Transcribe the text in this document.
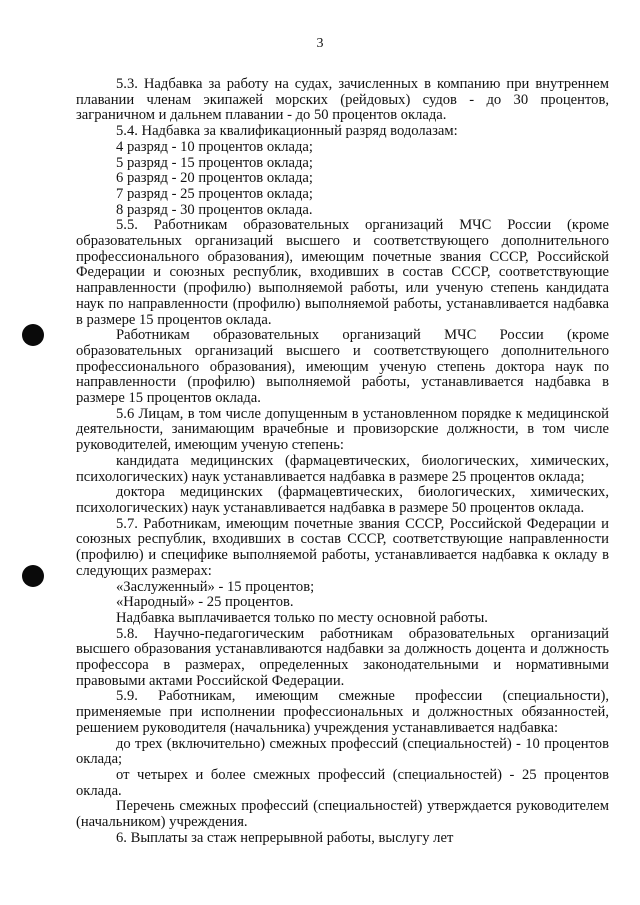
3

5.3. Надбавка за работу на судах, зачисленных в компанию при внутреннем плавании членам экипажей морских (рейдовых) судов - до 30 процентов, заграничном и дальнем плавании - до 50 процентов оклада.

5.4. Надбавка за квалификационный разряд водолазам:

4 разряд - 10 процентов оклада;

5 разряд - 15 процентов оклада;

6 разряд - 20 процентов оклада;

7 разряд - 25 процентов оклада;

8 разряд - 30 процентов оклада.

5.5. Работникам образовательных организаций МЧС России (кроме образовательных организаций высшего и соответствующего дополнительного профессионального образования), имеющим почетные звания СССР, Российской Федерации и союзных республик, входивших в состав СССР, соответствующие направленности (профилю) выполняемой работы, или ученую степень кандидата наук по направленности (профилю) выполняемой работы, устанавливается надбавка в размере 15 процентов оклада.

Работникам образовательных организаций МЧС России (кроме образовательных организаций высшего и соответствующего дополнительного профессионального образования), имеющим ученую степень доктора наук по направленности (профилю) выполняемой работы, устанавливается надбавка в размере 15 процентов оклада.

5.6 Лицам, в том числе допущенным в установленном порядке к медицинской деятельности, занимающим врачебные и провизорские должности, в том числе руководителей, имеющим ученую степень:

кандидата медицинских (фармацевтических, биологических, химических, психологических) наук устанавливается надбавка в размере 25 процентов оклада;

доктора медицинских (фармацевтических, биологических, химических, психологических) наук устанавливается надбавка в размере 50 процентов оклада.

5.7. Работникам, имеющим почетные звания СССР, Российской Федерации и союзных республик, входивших в состав СССР, соответствующие направленности (профилю) и специфике выполняемой работы, устанавливается надбавка к окладу в следующих размерах:

«Заслуженный» - 15 процентов;

«Народный» - 25 процентов.

Надбавка выплачивается только по месту основной работы.

5.8. Научно-педагогическим работникам образовательных организаций высшего образования устанавливаются надбавки за должность доцента и должность профессора в размерах, определенных законодательными и нормативными правовыми актами Российской Федерации.

5.9. Работникам, имеющим смежные профессии (специальности), применяемые при исполнении профессиональных и должностных обязанностей, решением руководителя (начальника) учреждения устанавливается надбавка:

до трех (включительно) смежных профессий (специальностей) - 10 процентов оклада;

от четырех и более смежных профессий (специальностей) - 25 процентов оклада.

Перечень смежных профессий (специальностей) утверждается руководителем (начальником) учреждения.

6. Выплаты за стаж непрерывной работы, выслугу лет
